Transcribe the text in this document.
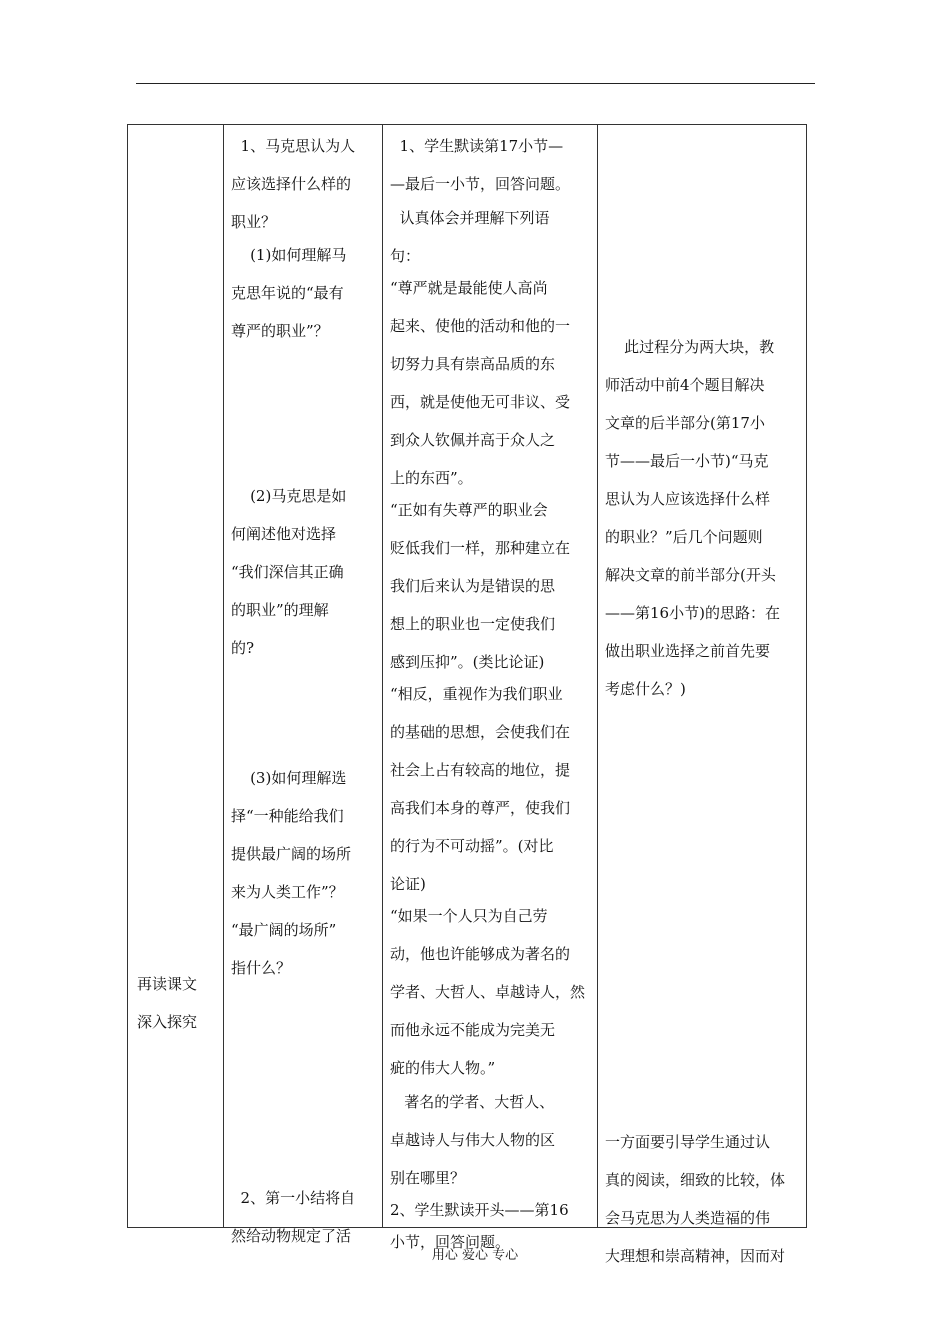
再读课文
深入探究
1、马克思认为人
应该选择什么样的
职业？
(1)如何理解马
克思年说的“最有
尊严的职业”？
(2)马克思是如
何阐述他对选择
“我们深信其正确
的职业”的理解
的?
(3)如何理解选
择“一种能给我们
提供最广阔的场所
来为人类工作”？
“最广阔的场所”
指什么？
2、第一小结将自
然给动物规定了活
1、学生默读第17小节—
—最后一小节，回答问题。
认真体会并理解下列语
句：
“尊严就是最能使人高尚
起来、使他的活动和他的一
切努力具有崇高品质的东
西，就是使他无可非议、受
到众人钦佩并高于众人之
上的东西”。
“正如有失尊严的职业会
贬低我们一样，那种建立在
我们后来认为是错误的思
想上的职业也一定使我们
感到压抑”。(类比论证)
“相反，重视作为我们职业
的基础的思想，会使我们在
社会上占有较高的地位，提
高我们本身的尊严，使我们
的行为不可动摇”。(对比
论证)
“如果一个人只为自己劳
动，他也许能够成为著名的
学者、大哲人、卓越诗人，然
而他永远不能成为完美无
疵的伟大人物。”
著名的学者、大哲人、
卓越诗人与伟大人物的区
别在哪里？
2、学生默读开头——第16
小节，回答问题。
此过程分为两大块，教
师活动中前4个题目解决
文章的后半部分(第17小
节——最后一小节)“马克
思认为人应该选择什么样
的职业？”后几个问题则
解决文章的前半部分(开头
——第16小节)的思路：在
做出职业选择之前首先要
考虑什么？)
一方面要引导学生通过认
真的阅读，细致的比较，体
会马克思为人类造福的伟
大理想和崇高精神，因而对
用心 爱心 专心
